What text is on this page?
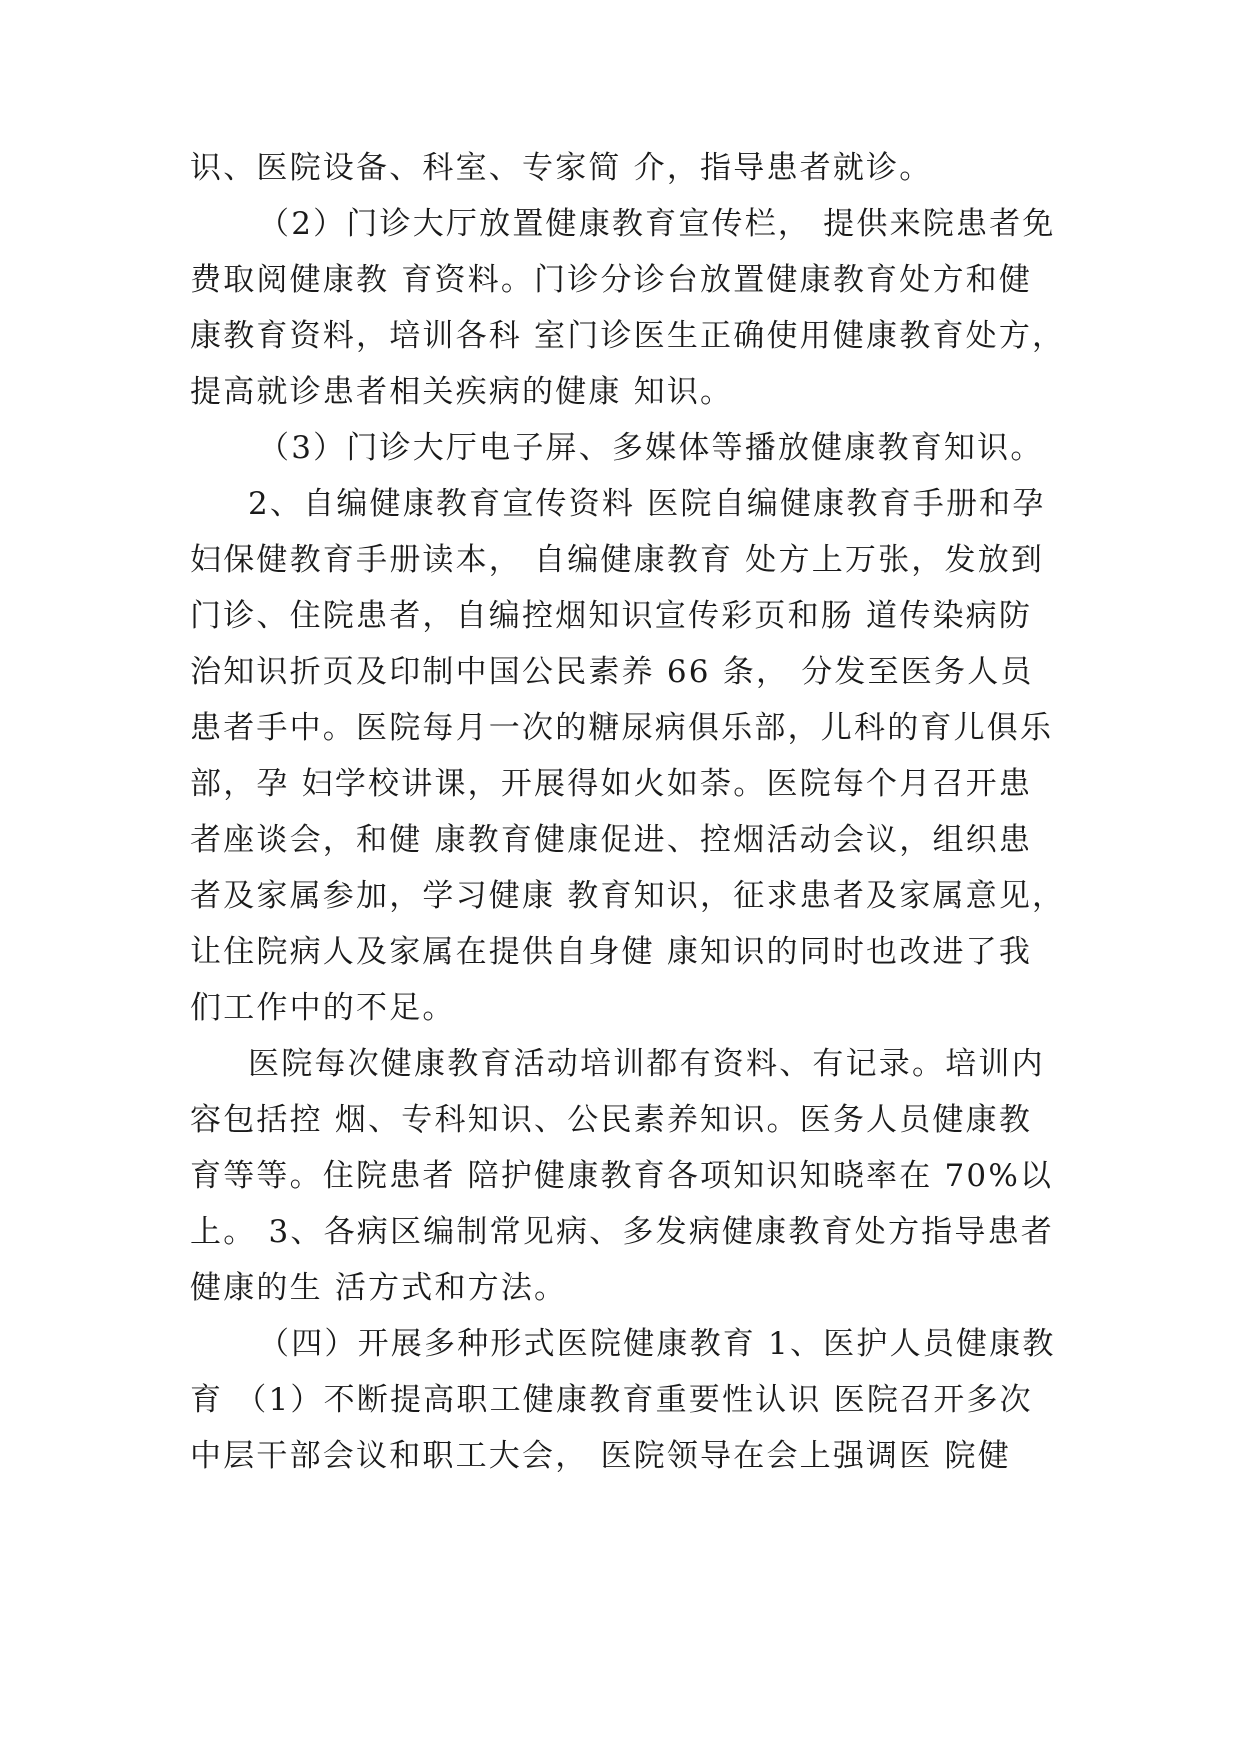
识、医院设备、科室、专家简 介，指导患者就诊。
（2）门诊大厅放置健康教育宣传栏， 提供来院患者免
费取阅健康教 育资料。门诊分诊台放置健康教育处方和健
康教育资料，培训各科 室门诊医生正确使用健康教育处方，
提高就诊患者相关疾病的健康 知识。
（3）门诊大厅电子屏、多媒体等播放健康教育知识。
2、自编健康教育宣传资料 医院自编健康教育手册和孕
妇保健教育手册读本， 自编健康教育 处方上万张，发放到
门诊、住院患者，自编控烟知识宣传彩页和肠 道传染病防
治知识折页及印制中国公民素养 66 条， 分发至医务人员
患者手中。医院每月一次的糖尿病俱乐部，儿科的育儿俱乐
部，孕 妇学校讲课，开展得如火如荼。医院每个月召开患
者座谈会，和健 康教育健康促进、控烟活动会议，组织患
者及家属参加，学习健康 教育知识，征求患者及家属意见，
让住院病人及家属在提供自身健 康知识的同时也改进了我
们工作中的不足。
医院每次健康教育活动培训都有资料、有记录。培训内
容包括控 烟、专科知识、公民素养知识。医务人员健康教
育等等。住院患者 陪护健康教育各项知识知晓率在 70%以
上。 3、各病区编制常见病、多发病健康教育处方指导患者
健康的生 活方式和方法。
（四）开展多种形式医院健康教育 1、医护人员健康教
育 （1）不断提高职工健康教育重要性认识 医院召开多次
中层干部会议和职工大会， 医院领导在会上强调医 院健
